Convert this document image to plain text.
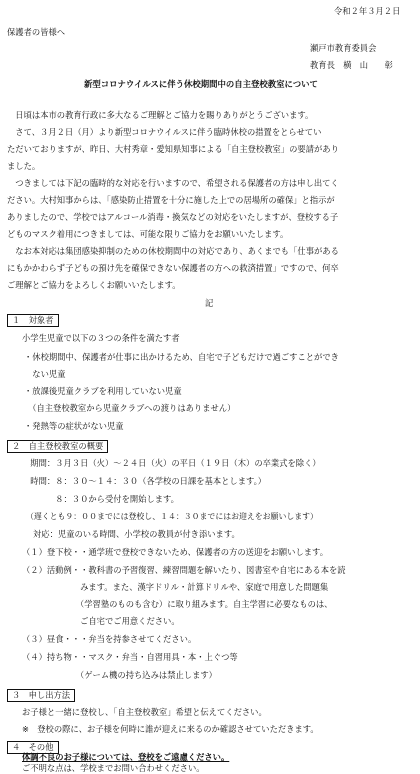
令和２年３月２日
保護者の皆様へ
瀬戸市教育委員会
教育長　横　山　　彰
新型コロナウイルスに伴う休校期間中の自主登校教室について
　日頃は本市の教育行政に多大なるご理解とご協力を賜りありがとうございます。
　さて、３月２日（月）より新型コロナウイルスに伴う臨時休校の措置をとらせてい
ただいておりますが、昨日、大村秀章・愛知県知事による「自主登校教室」の要請があり
ました。
　つきましては下記の臨時的な対応を行いますので、希望される保護者の方は申し出てく
ださい。大村知事からは、「感染防止措置を十分に施した上での居場所の確保」と指示が
ありましたので、学校ではアルコール消毒・換気などの対応をいたしますが、登校する子
どものマスク着用につきましては、可能な限りご協力をお願いいたします。
　なお本対応は集団感染抑制のための休校期間中の対応であり、あくまでも「仕事がある
にもかかわらず子どもの預け先を確保できない保護者の方への救済措置」ですので、何卒
ご理解とご協力をよろしくお願いいたします。
記
１　対象者
小学生児童で以下の３つの条件を満たす者
・休校期間中、保護者が仕事に出かけるため、自宅で子どもだけで過ごすことができ
　ない児童
・放課後児童クラブを利用していない児童
　（自主登校教室から児童クラブへの渡りはありません）
・発熱等の症状がない児童
２　自主登校教室の概要
　期間：３月３日（火）～２４日（火）の平日（１９日（木）の卒業式を除く）
　時間：８：３０～１４：３０（各学校の日課を基本とします。）
　　　　８：３０から受付を開始します。
　（遅くとも９：００までには登校し、１４：３０までにはお迎えをお願いします）
対応：児童のいる時間、小学校の教員が付き添います。
（１）登下校・・通学班で登校できないため、保護者の方の送迎をお願いします。
（２）活動例・・教科書の予習復習、練習問題を解いたり、図書室や自宅にある本を読
　　　　　　　みます。また、漢字ドリル・計算ドリルや、家庭で用意した問題集
　　　　　　　（学習塾のものも含む）に取り組みます。自主学習に必要なものは、
　　　　　　　ご自宅でご用意ください。
（３）昼食・・・弁当を持参させてください。
（４）持ち物・・マスク・弁当・自習用具・本・上ぐつ等
　　　　　　　（ゲーム機の持ち込みは禁止します）
３　申し出方法
お子様と一緒に登校し、「自主登校教室」希望と伝えてください。
※　登校の際に、お子様を何時に誰が迎えに来るのか確認させていただきます。
４　その他
体調不良のお子様については、登校をご遠慮ください。
ご不明な点は、学校までお問い合わせください。
